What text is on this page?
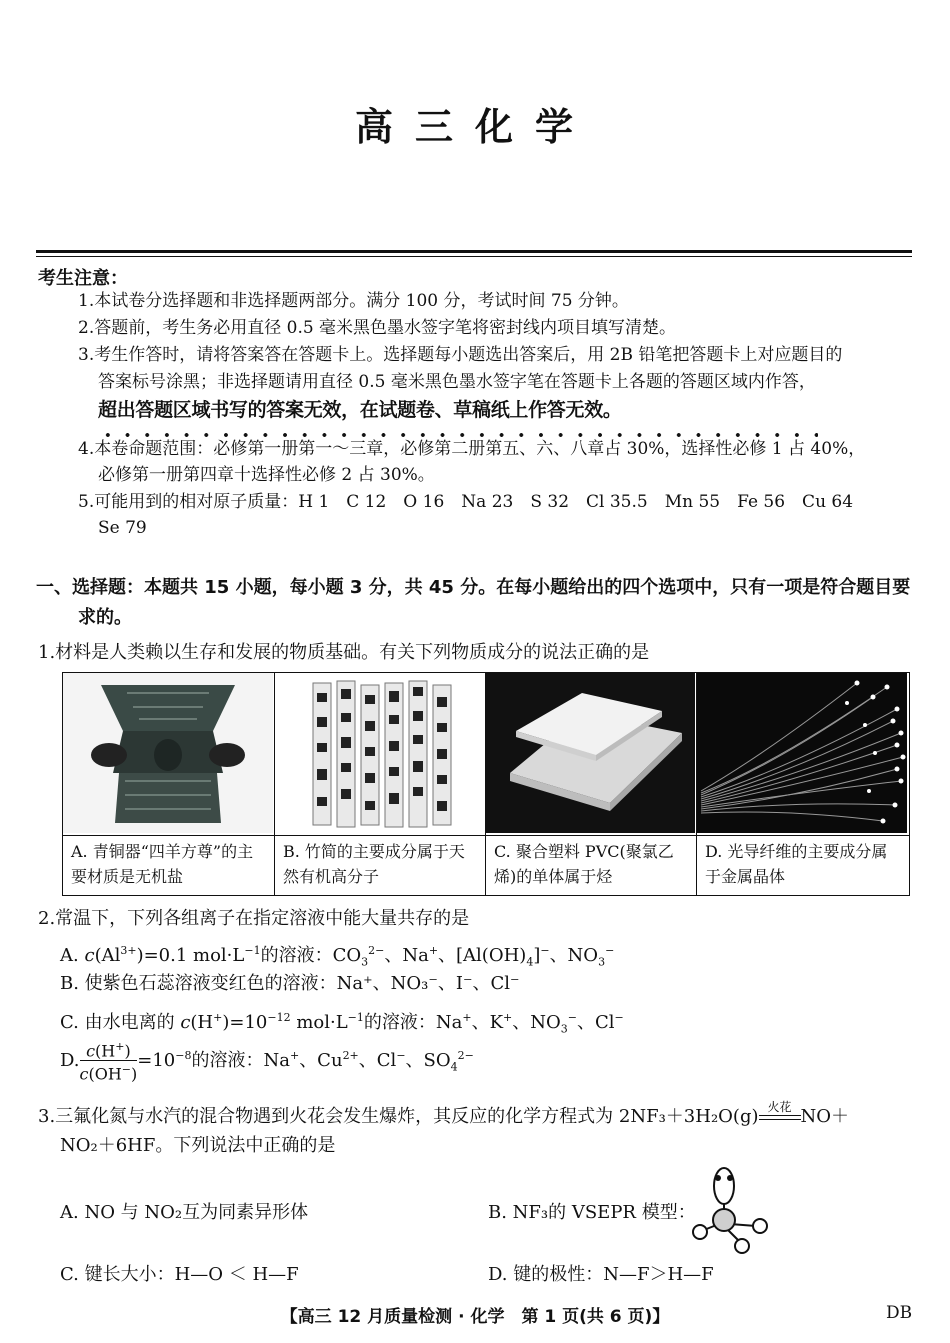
高三化学
考生注意：
1.本试卷分选择题和非选择题两部分。满分 100 分，考试时间 75 分钟。
2.答题前，考生务必用直径 0.5 毫米黑色墨水签字笔将密封线内项目填写清楚。
3.考生作答时，请将答案答在答题卡上。选择题每小题选出答案后，用 2B 铅笔把答题卡上对应题目的
答案标号涂黑；非选择题请用直径 0.5 毫米黑色墨水签字笔在答题卡上各题的答题区域内作答，
超出答题区域书写的答案无效，在试题卷、草稿纸上作答无效。
4.本卷命题范围：必修第一册第一～三章，必修第二册第五、六、八章占 30%，选择性必修 1 占 40%，
必修第一册第四章十选择性必修 2 占 30%。
5.可能用到的相对原子质量：H 1　C 12　O 16　Na 23　S 32　Cl 35.5　Mn 55　Fe 56　Cu 64
Se 79
一、选择题：本题共 15 小题，每小题 3 分，共 45 分。在每小题给出的四个选项中，只有一项是符合题目要
求的。
1.材料是人类赖以生存和发展的物质基础。有关下列物质成分的说法正确的是
A. 青铜器“四羊方尊”的主
要材质是无机盐
B. 竹简的主要成分属于天
然有机高分子
C. 聚合塑料 PVC(聚氯乙
烯)的单体属于烃
D. 光导纤维的主要成分属
于金属晶体
2.常温下，下列各组离子在指定溶液中能大量共存的是
A. $c(Al^{3+})=0.1$ $mol\cdot L^{-1}$的溶液：$CO_3^{2-}$、Na+、$[Al(OH)_4]^-$、$NO_3^-$
B. 使紫色石蕊溶液变红色的溶液：Na⁺、NO₃⁻、I⁻、Cl⁻
C. 由水电离的 $c(H^+)=10^{-12}$ $mol\cdot L^{-1}$的溶液：Na+、K+、$NO_3^-$、Cl−
D. $\frac{c(H^+)}{c(OH^-)} =10^{-8}$的溶液：Na+、$Cu^{2+}$、Cl−、$SO_4^{2-}$
3.三氟化氮与水汽的混合物遇到火花会发生爆炸，其反应的化学方程式为 2NF₃＋3H₂O(g) 火花 NO＋
NO₂＋6HF。下列说法中正确的是
A. NO 与 NO₂互为同素异形体	B. NF₃的 VSEPR 模型：
C. 键长大小：H—O ＜ H—F	D. 键的极性：N—F＞H—F
【高三 12 月质量检测 · 化学　第 1 页(共 6 页)】	DB
